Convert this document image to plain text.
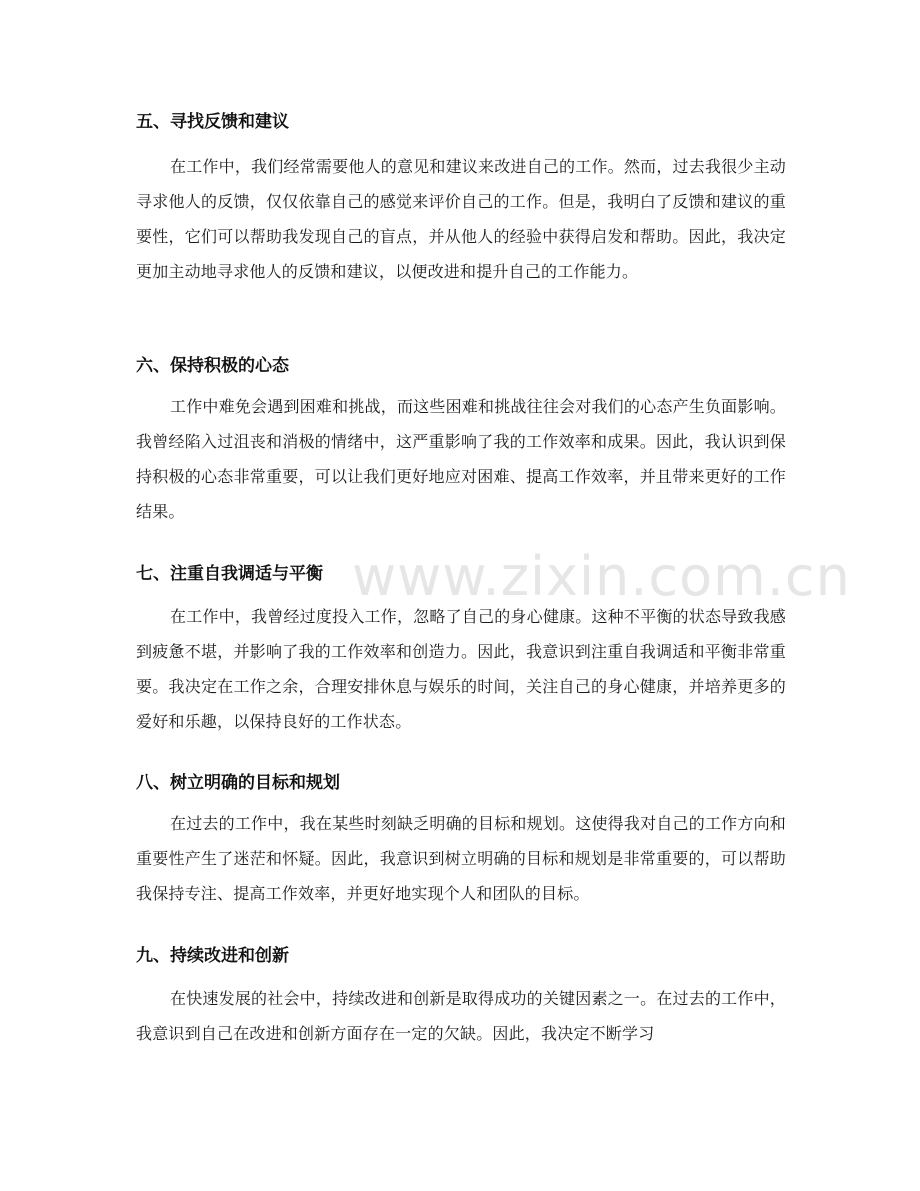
www.zixin.com.cn
五、寻找反馈和建议

在工作中，我们经常需要他人的意见和建议来改进自己的工作。然而，过去我很少主动寻求他人的反馈，仅仅依靠自己的感觉来评价自己的工作。但是，我明白了反馈和建议的重要性，它们可以帮助我发现自己的盲点，并从他人的经验中获得启发和帮助。因此，我决定更加主动地寻求他人的反馈和建议，以便改进和提升自己的工作能力。

六、保持积极的心态

工作中难免会遇到困难和挑战，而这些困难和挑战往往会对我们的心态产生负面影响。我曾经陷入过沮丧和消极的情绪中，这严重影响了我的工作效率和成果。因此，我认识到保持积极的心态非常重要，可以让我们更好地应对困难、提高工作效率，并且带来更好的工作结果。

七、注重自我调适与平衡

在工作中，我曾经过度投入工作，忽略了自己的身心健康。这种不平衡的状态导致我感到疲惫不堪，并影响了我的工作效率和创造力。因此，我意识到注重自我调适和平衡非常重要。我决定在工作之余，合理安排休息与娱乐的时间，关注自己的身心健康，并培养更多的爱好和乐趣，以保持良好的工作状态。

八、树立明确的目标和规划

在过去的工作中，我在某些时刻缺乏明确的目标和规划。这使得我对自己的工作方向和重要性产生了迷茫和怀疑。因此，我意识到树立明确的目标和规划是非常重要的，可以帮助我保持专注、提高工作效率，并更好地实现个人和团队的目标。

九、持续改进和创新

在快速发展的社会中，持续改进和创新是取得成功的关键因素之一。在过去的工作中，我意识到自己在改进和创新方面存在一定的欠缺。因此，我决定不断学习
